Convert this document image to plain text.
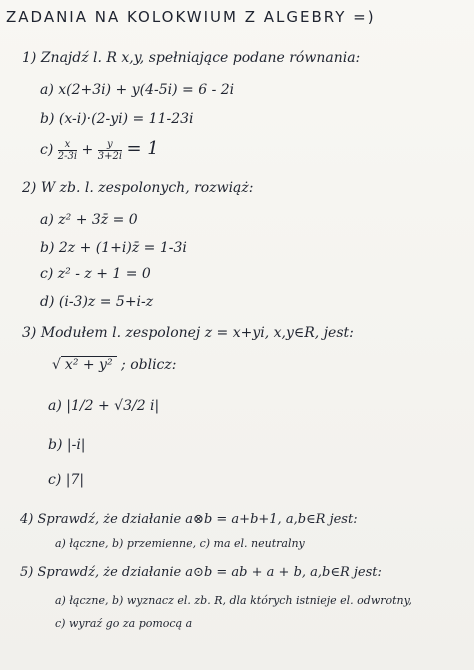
ZADANIA NA KOLOKWIUM Z ALGEBRY =)
1) Znajdź l. R x,y, spełniające podane równania:
a) x(2+3i) + y(4-5i) = 6 - 2i
b) (x-i)·(2-yi) = 11-23i
$c) \frac{x}{2-3i} + \frac{y}{3+2i} = 1$
2) W zb. l. zespolonych, rozwiąż:
a) z² + 3z̄ = 0
b) 2z + (1+i)z̄ = 1-3i
c) z² - z + 1 = 0
d) (i-3)z = 5+i-z
3) Modułem l. zespolonej z = x+yi, x,y∈R, jest:
√ x² + y² ; oblicz:
a) |1/2 + √3/2 i|
b) |-i|
c) |7|
4) Sprawdź, że działanie a⊗b = a+b+1, a,b∈R jest:
a) łączne, b) przemienne, c) ma el. neutralny
5) Sprawdź, że działanie a⊙b = ab + a + b, a,b∈R jest:
a) łączne, b) wyznacz el. zb. R, dla których istnieje el. odwrotny,
c) wyraź go za pomocą a
